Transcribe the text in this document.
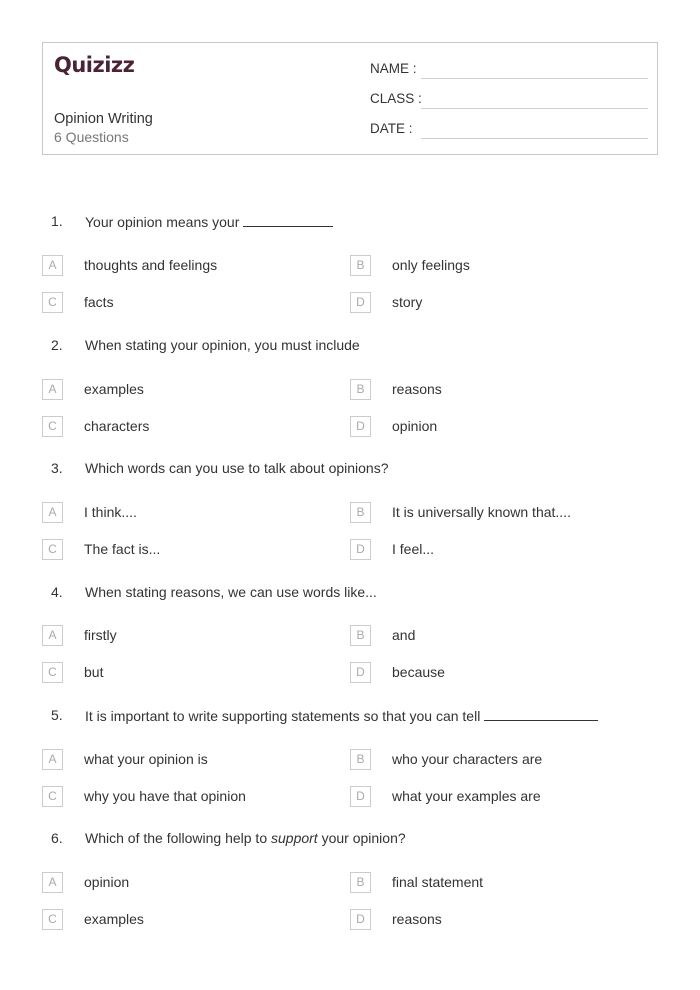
Quizizz
Opinion Writing
6 Questions
NAME :
CLASS :
DATE :
1. Your opinion means your
A	thoughts and feelings	B	only feelings
C	facts	D	story
2. When stating your opinion, you must include
A	examples	B	reasons
C	characters	D	opinion
3. Which words can you use to talk about opinions?
A	I think....	B	It is universally known that....
C	The fact is...	D	I feel...
4. When stating reasons, we can use words like...
A	firstly	B	and
C	but	D	because
5. It is important to write supporting statements so that you can tell
A	what your opinion is	B	who your characters are
C	why you have that opinion	D	what your examples are
6. Which of the following help to support your opinion?
A	opinion	B	final statement
C	examples	D	reasons
